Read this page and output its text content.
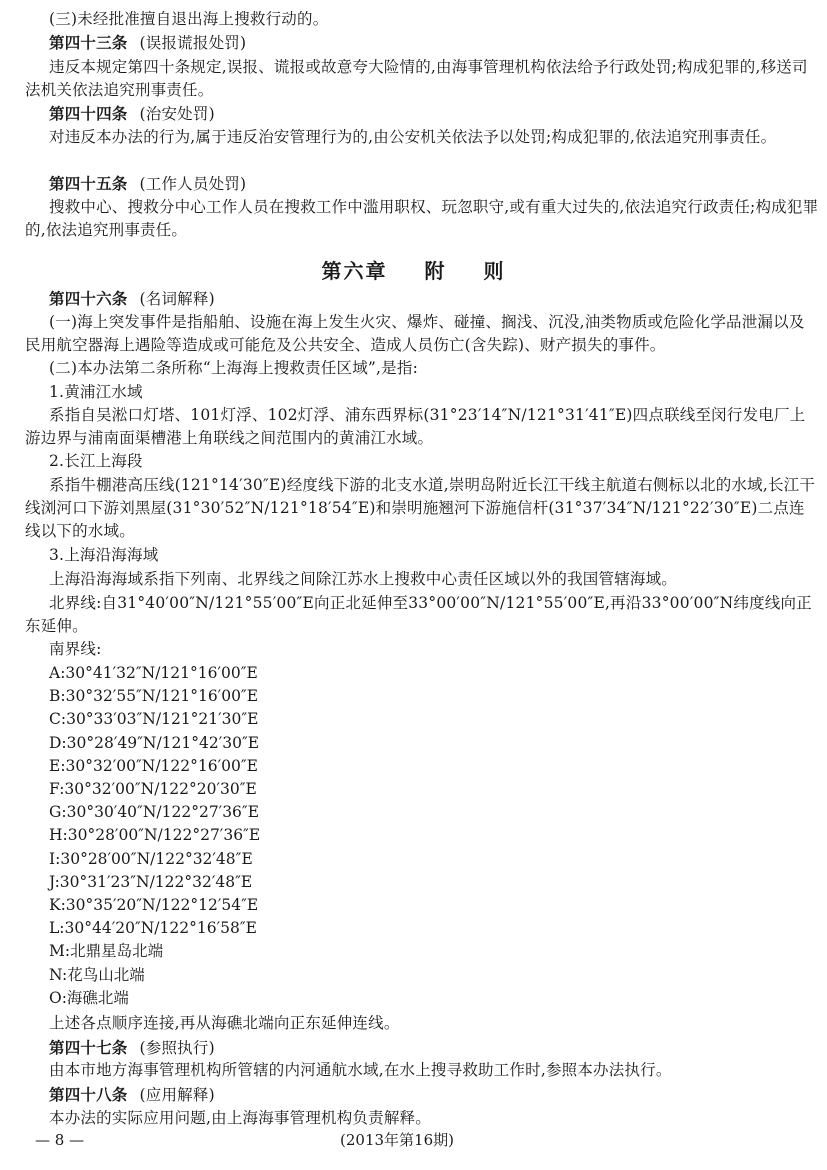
(三)未经批准擅自退出海上搜救行动的。
第四十三条 (误报谎报处罚)
违反本规定第四十条规定,误报、谎报或故意夸大险情的,由海事管理机构依法给予行政处罚;构成犯罪的,移送司法机关依法追究刑事责任。
第四十四条 (治安处罚)
对违反本办法的行为,属于违反治安管理行为的,由公安机关依法予以处罚;构成犯罪的,依法追究刑事责任。
第四十五条 (工作人员处罚)
搜救中心、搜救分中心工作人员在搜救工作中滥用职权、玩忽职守,或有重大过失的,依法追究行政责任;构成犯罪的,依法追究刑事责任。
第四十六条 (名词解释)
(一)海上突发事件是指船舶、设施在海上发生火灾、爆炸、碰撞、搁浅、沉没,油类物质或危险化学品泄漏以及民用航空器海上遇险等造成或可能危及公共安全、造成人员伤亡(含失踪)、财产损失的事件。
(二)本办法第二条所称“上海海上搜救责任区域”,是指:
1.黄浦江水域
系指自吴淞口灯塔、101灯浮、102灯浮、浦东西界标(31°23′14″N/121°31′41″E)四点联线至闵行发电厂上游边界与浦南面渠槽港上角联线之间范围内的黄浦江水域。
2.长江上海段
系指牛棚港高压线(121°14′30″E)经度线下游的北支水道,崇明岛附近长江干线主航道右侧标以北的水域,长江干线浏河口下游刘黑屋(31°30′52″N/121°18′54″E)和崇明施翘河下游施信杆(31°37′34″N/121°22′30″E)二点连线以下的水域。
3.上海沿海海域
上海沿海海域系指下列南、北界线之间除江苏水上搜救中心责任区域以外的我国管辖海域。
北界线:自31°40′00″N/121°55′00″E向正北延伸至33°00′00″N/121°55′00″E,再沿33°00′00″N纬度线向正东延伸。
南界线:
第六章 附 则
A:30°41′32″N/121°16′00″E
B:30°32′55″N/121°16′00″E
C:30°33′03″N/121°21′30″E
D:30°28′49″N/121°42′30″E
E:30°32′00″N/122°16′00″E
F:30°32′00″N/122°20′30″E
G:30°30′40″N/122°27′36″E
H:30°28′00″N/122°27′36″E
I:30°28′00″N/122°32′48″E
J:30°31′23″N/122°32′48″E
K:30°35′20″N/122°12′54″E
L:30°44′20″N/122°16′58″E
M:北鼎星岛北端
N:花鸟山北端
O:海礁北端
上述各点顺序连接,再从海礁北端向正东延伸连线。
第四十七条 (参照执行)
由本市地方海事管理机构所管辖的内河通航水域,在水上搜寻救助工作时,参照本办法执行。
第四十八条 (应用解释)
本办法的实际应用问题,由上海海事管理机构负责解释。
— 8 —	(2013年第16期)
